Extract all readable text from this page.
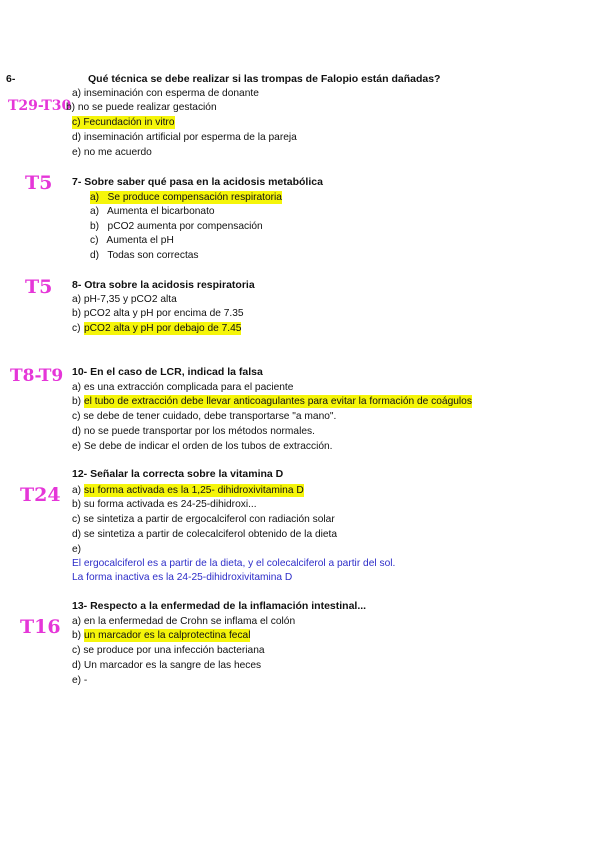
6-	Qué técnica se debe realizar si las trompas de Falopio están dañadas?
T29-T30
a) inseminación con esperma de donante
b) no se puede realizar gestación
c) Fecundación in vitro
d) inseminación artificial por esperma de la pareja
e) no me acuerdo
T5 7- Sobre saber qué pasa en la acidosis metabólica
a)   Se produce compensación respiratoria
a)   Aumenta el bicarbonato
b)   pCO2 aumenta por compensación
c)   Aumenta el pH
d)   Todas son correctas
T5 8- Otra sobre la acidosis respiratoria
a) pH-7,35 y pCO2 alta
b) pCO2 alta y pH por encima de 7.35
c) pCO2 alta y pH por debajo de 7.45
T8-T9 10- En el caso de LCR, indicad la falsa
a) es una extracción complicada para el paciente
b) el tubo de extracción debe llevar anticoagulantes para evitar la formación de coágulos
c) se debe de tener cuidado, debe transportarse "a mano".
d) no se puede transportar por los métodos normales.
e) Se debe de indicar el orden de los tubos de extracción.
12- Señalar la correcta sobre la vitamina D
T24 a) su forma activada es la 1,25- dihidroxivitamina D
b) su forma activada es 24-25-dihidroxi...
c) se sintetiza a partir de ergocalciferol con radiación solar
d) se sintetiza a partir de colecalciferol obtenido de la dieta
e)
El ergocalciferol es a partir de la dieta, y el colecalciferol a partir del sol.
La forma inactiva es la 24-25-dihidroxivitamina D
13- Respecto a la enfermedad de la inflamación intestinal...
T16 a) en la enfermedad de Crohn se inflama el colón
b) un marcador es la calprotectina fecal
c) se produce por una infección bacteriana
d) Un marcador es la sangre de las heces
e) -
